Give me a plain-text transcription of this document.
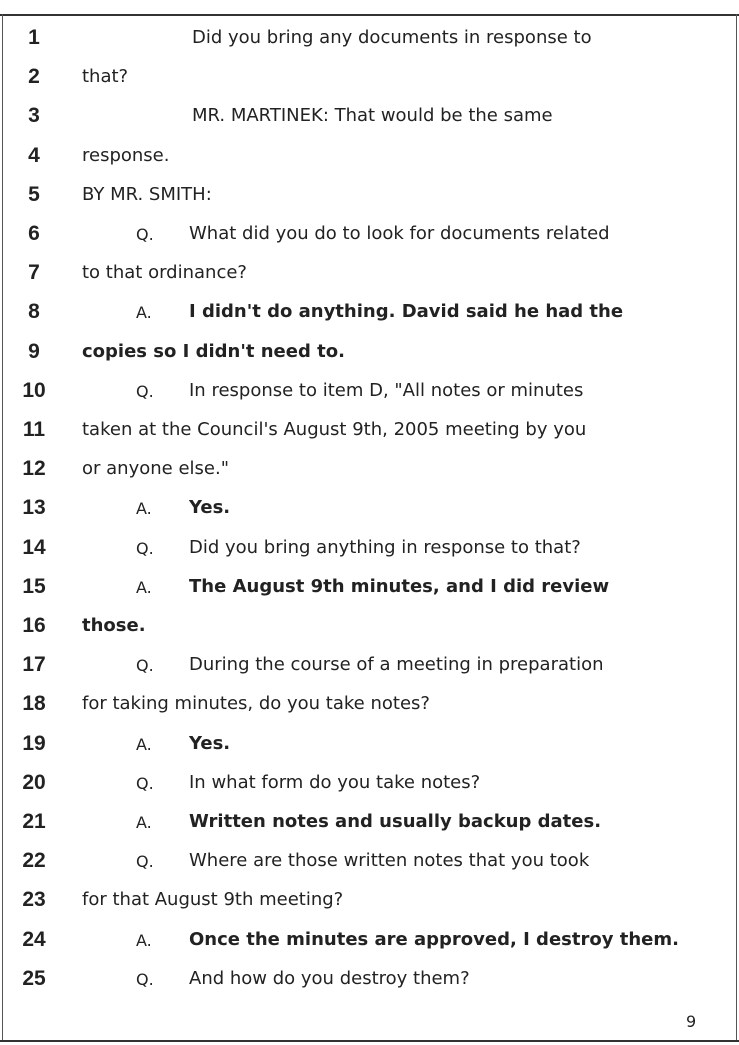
1	Did you bring any documents in response to
2	that?
3	MR. MARTINEK: That would be the same
4	response.
5	BY MR. SMITH:
6	Q. What did you do to look for documents related
7	to that ordinance?
8	A. I didn't do anything. David said he had the
9	copies so I didn't need to.
10	Q. In response to item D, "All notes or minutes
11	taken at the Council's August 9th, 2005 meeting by you
12	or anyone else."
13	A. Yes.
14	Q. Did you bring anything in response to that?
15	A. The August 9th minutes, and I did review
16	those.
17	Q. During the course of a meeting in preparation
18	for taking minutes, do you take notes?
19	A. Yes.
20	Q. In what form do you take notes?
21	A. Written notes and usually backup dates.
22	Q. Where are those written notes that you took
23	for that August 9th meeting?
24	A. Once the minutes are approved, I destroy them.
25	Q. And how do you destroy them?
9
